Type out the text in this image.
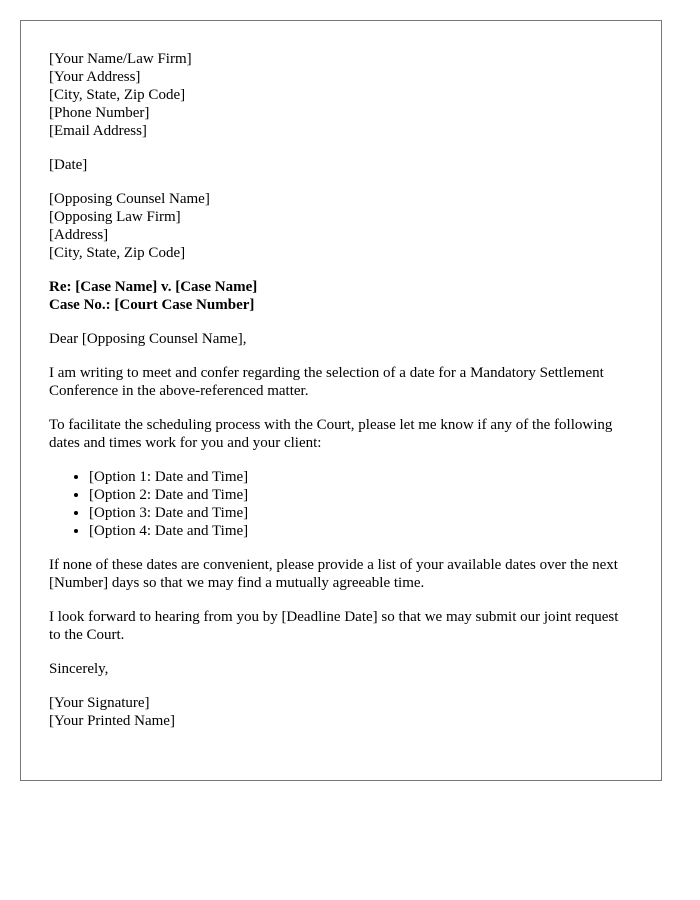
[Your Name/Law Firm]
[Your Address]
[City, State, Zip Code]
[Phone Number]
[Email Address]
[Date]
[Opposing Counsel Name]
[Opposing Law Firm]
[Address]
[City, State, Zip Code]
Re: [Case Name] v. [Case Name]
Case No.: [Court Case Number]

Dear [Opposing Counsel Name],

I am writing to meet and confer regarding the selection of a date for a Mandatory Settlement Conference in the above-referenced matter.

To facilitate the scheduling process with the Court, please let me know if any of the following dates and times work for you and your client:

• [Option 1: Date and Time]
• [Option 2: Date and Time]
• [Option 3: Date and Time]
• [Option 4: Date and Time]

If none of these dates are convenient, please provide a list of your available dates over the next [Number] days so that we may find a mutually agreeable time.

I look forward to hearing from you by [Deadline Date] so that we may submit our joint request to the Court.

Sincerely,

[Your Signature]
[Your Printed Name]
